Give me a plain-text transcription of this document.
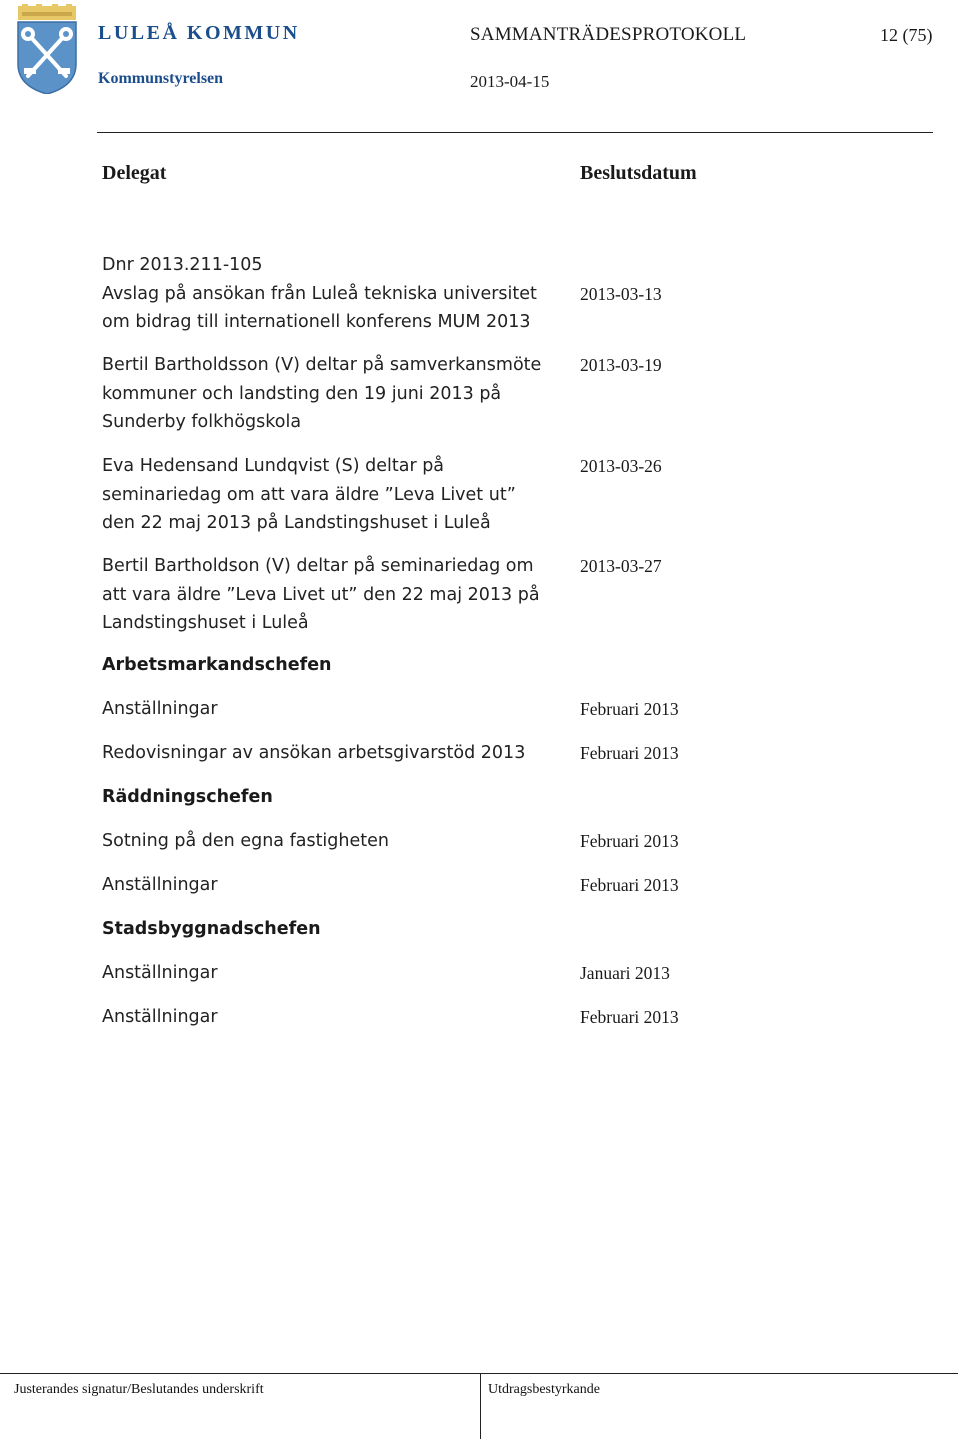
LULEÅ KOMMUN
Kommunstyrelsen
SAMMANTRÄDESPROTOKOLL	12 (75)
2013-04-15
Delegat	Beslutsdatum
Dnr 2013.211-105
Avslag på ansökan från Luleå tekniska universitet
om bidrag till internationell konferens MUM 2013
2013-03-13
Bertil Bartholdsson (V) deltar på samverkansmöte
kommuner och landsting den 19 juni 2013 på
Sunderby folkhögskola
2013-03-19
Eva Hedensand Lundqvist (S) deltar på
seminariedag om att vara äldre ”Leva Livet ut”
den 22 maj 2013 på Landstingshuset i Luleå
2013-03-26
Bertil Bartholdson (V) deltar på seminariedag om
att vara äldre ”Leva Livet ut” den 22 maj 2013 på
Landstingshuset i Luleå
2013-03-27
Arbetsmarkandschefen
Anställningar	Februari 2013
Redovisningar av ansökan arbetsgivarstöd 2013	Februari 2013
Räddningschefen
Sotning på den egna fastigheten	Februari 2013
Anställningar	Februari 2013
Stadsbyggnadschefen
Anställningar	Januari 2013
Anställningar	Februari 2013
Justerandes signatur/Beslutandes underskrift	Utdragsbestyrkande
